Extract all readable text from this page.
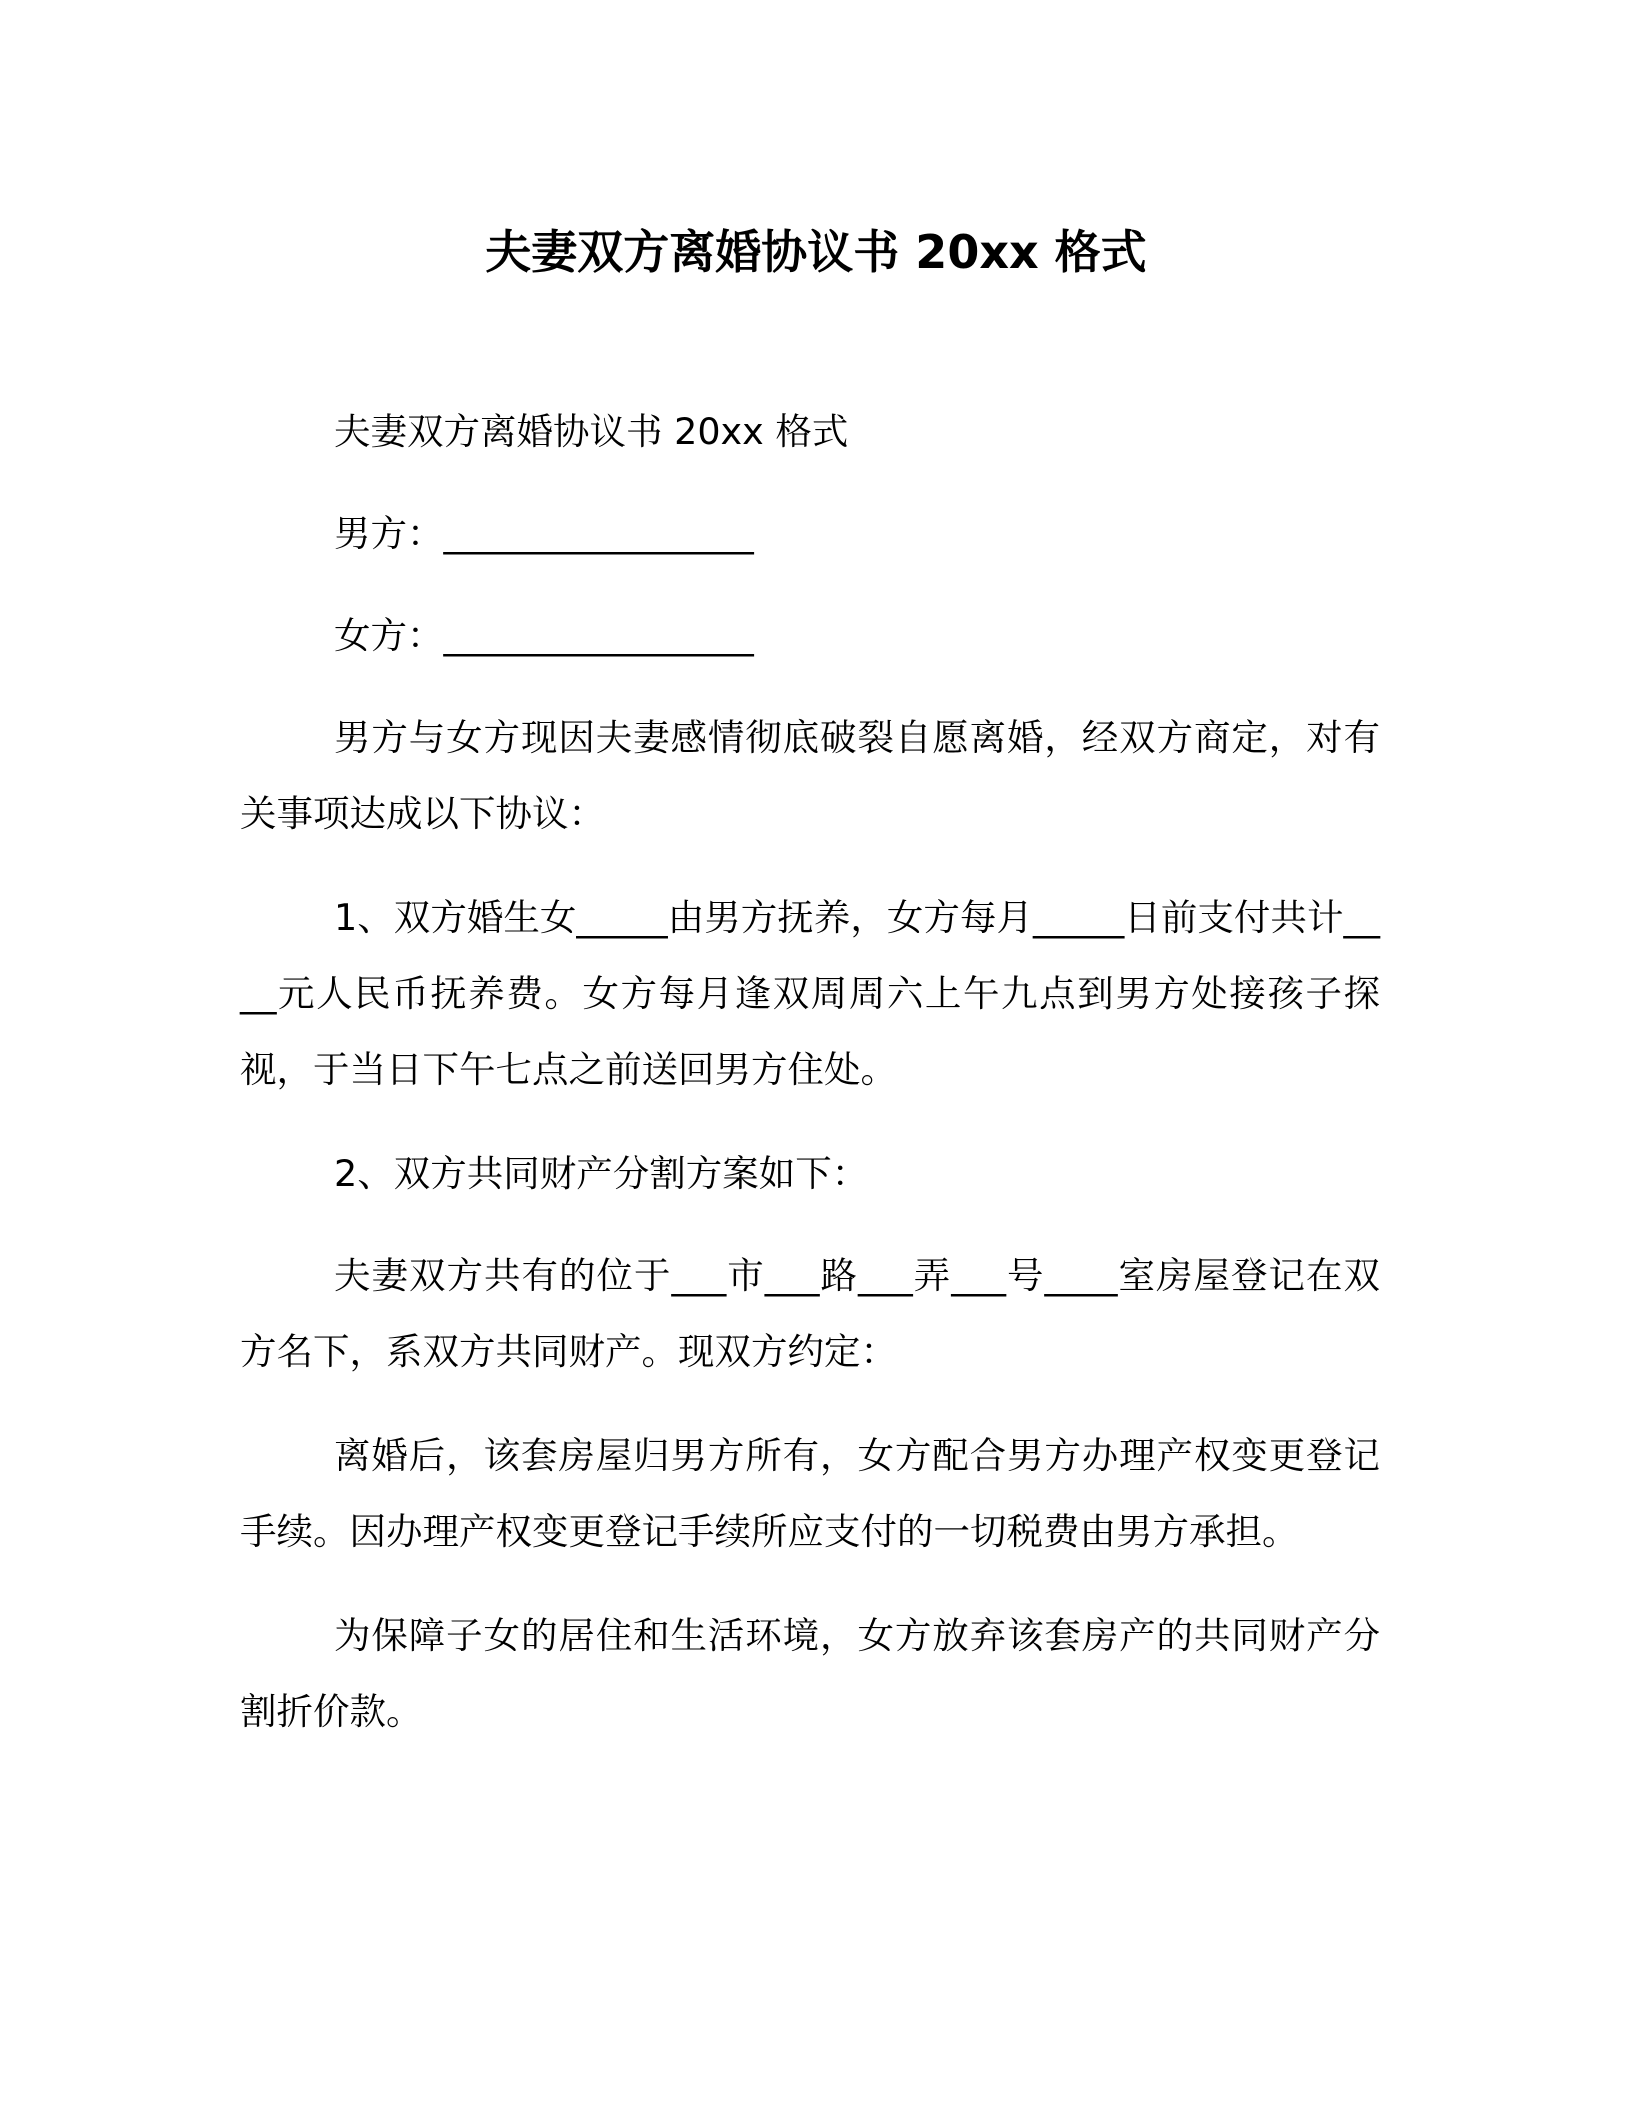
夫妻双方离婚协议书 20xx 格式

夫妻双方离婚协议书 20xx 格式

男方：_________________

女方：_________________

男方与女方现因夫妻感情彻底破裂自愿离婚，经双方商定，对有关事项达成以下协议：

1、双方婚生女_____由男方抚养，女方每月_____日前支付共计____元人民币抚养费。女方每月逢双周周六上午九点到男方处接孩子探视，于当日下午七点之前送回男方住处。

2、双方共同财产分割方案如下：

夫妻双方共有的位于___市___路___弄___号____室房屋登记在双方名下，系双方共同财产。现双方约定：

离婚后，该套房屋归男方所有，女方配合男方办理产权变更登记手续。因办理产权变更登记手续所应支付的一切税费由男方承担。

为保障子女的居住和生活环境，女方放弃该套房产的共同财产分割折价款。
